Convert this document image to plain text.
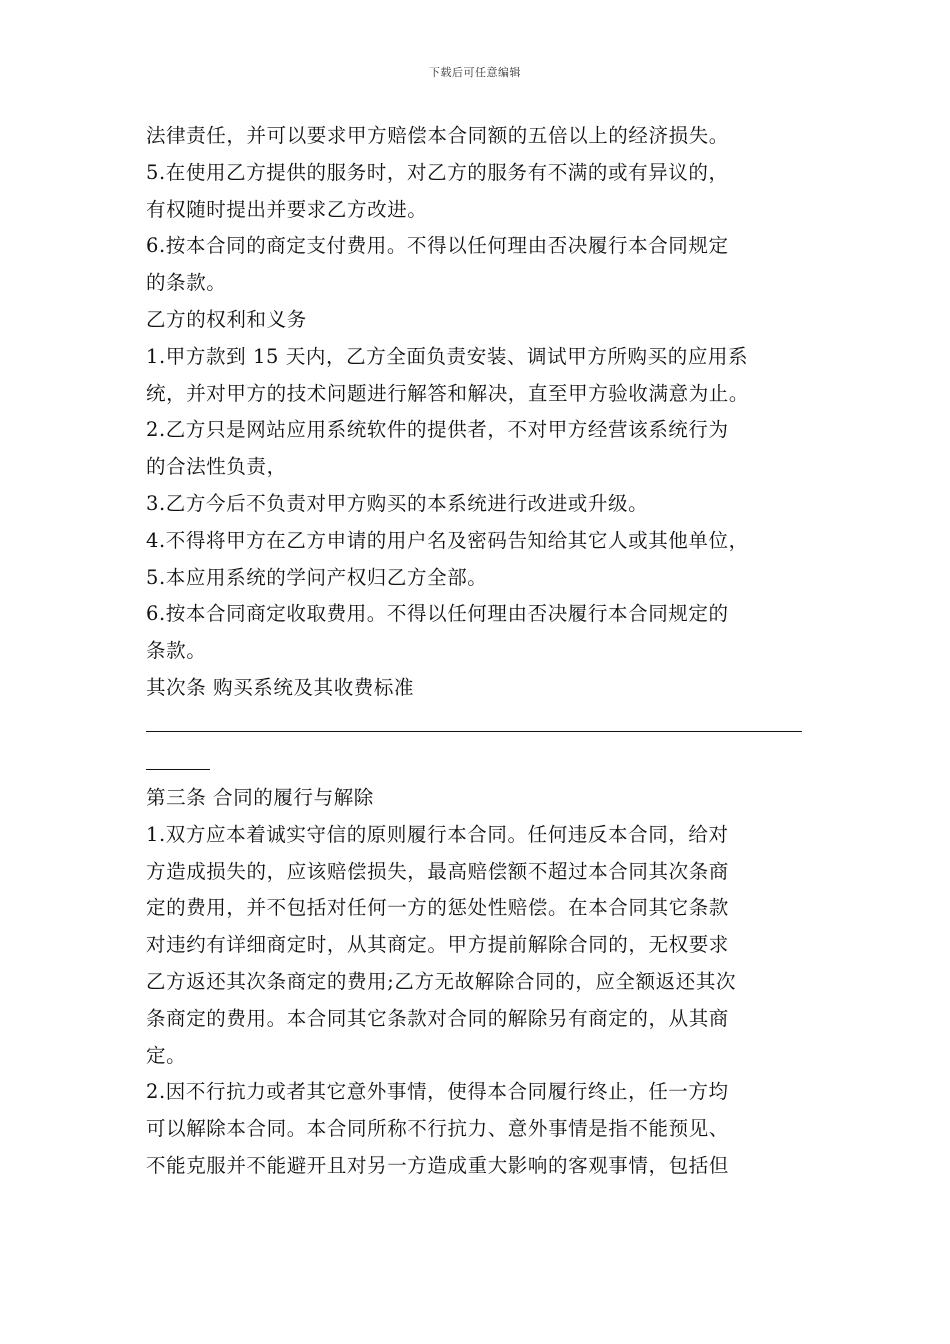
下载后可任意编辑
法律责任，并可以要求甲方赔偿本合同额的五倍以上的经济损失。
5.在使用乙方提供的服务时，对乙方的服务有不满的或有异议的，
有权随时提出并要求乙方改进。
6.按本合同的商定支付费用。不得以任何理由否决履行本合同规定
的条款。
乙方的权利和义务
1.甲方款到 15 天内，乙方全面负责安装、调试甲方所购买的应用系
统，并对甲方的技术问题进行解答和解决，直至甲方验收满意为止。
2.乙方只是网站应用系统软件的提供者，不对甲方经营该系统行为
的合法性负责，
3.乙方今后不负责对甲方购买的本系统进行改进或升级。
4.不得将甲方在乙方申请的用户名及密码告知给其它人或其他单位，
5.本应用系统的学问产权归乙方全部。
6.按本合同商定收取费用。不得以任何理由否决履行本合同规定的
条款。
其次条 购买系统及其收费标准
第三条 合同的履行与解除
1.双方应本着诚实守信的原则履行本合同。任何违反本合同，给对
方造成损失的，应该赔偿损失，最高赔偿额不超过本合同其次条商
定的费用，并不包括对任何一方的惩处性赔偿。在本合同其它条款
对违约有详细商定时，从其商定。甲方提前解除合同的，无权要求
乙方返还其次条商定的费用;乙方无故解除合同的，应全额返还其次
条商定的费用。本合同其它条款对合同的解除另有商定的，从其商
定。
2.因不行抗力或者其它意外事情，使得本合同履行终止，任一方均
可以解除本合同。本合同所称不行抗力、意外事情是指不能预见、
不能克服并不能避开且对另一方造成重大影响的客观事情，包括但
